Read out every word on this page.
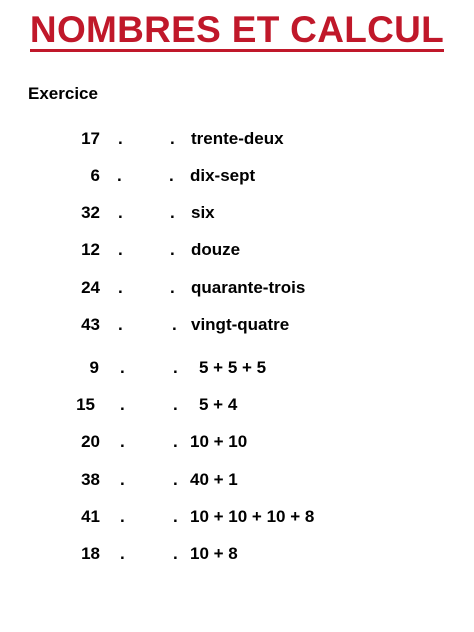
NOMBRES ET CALCUL
Exercice
17 .	. trente-deux
6 .	. dix-sept
32 .	. six
12 .	. douze
24 .	. quarante-trois
43 .	. vingt-quatre
9 .	. 5 + 5 + 5
15 .	. 5 + 4
20 .	. 10 + 10
38 .	. 40 + 1
41 .	. 10 + 10 + 10 + 8
18 .	. 10 + 8
